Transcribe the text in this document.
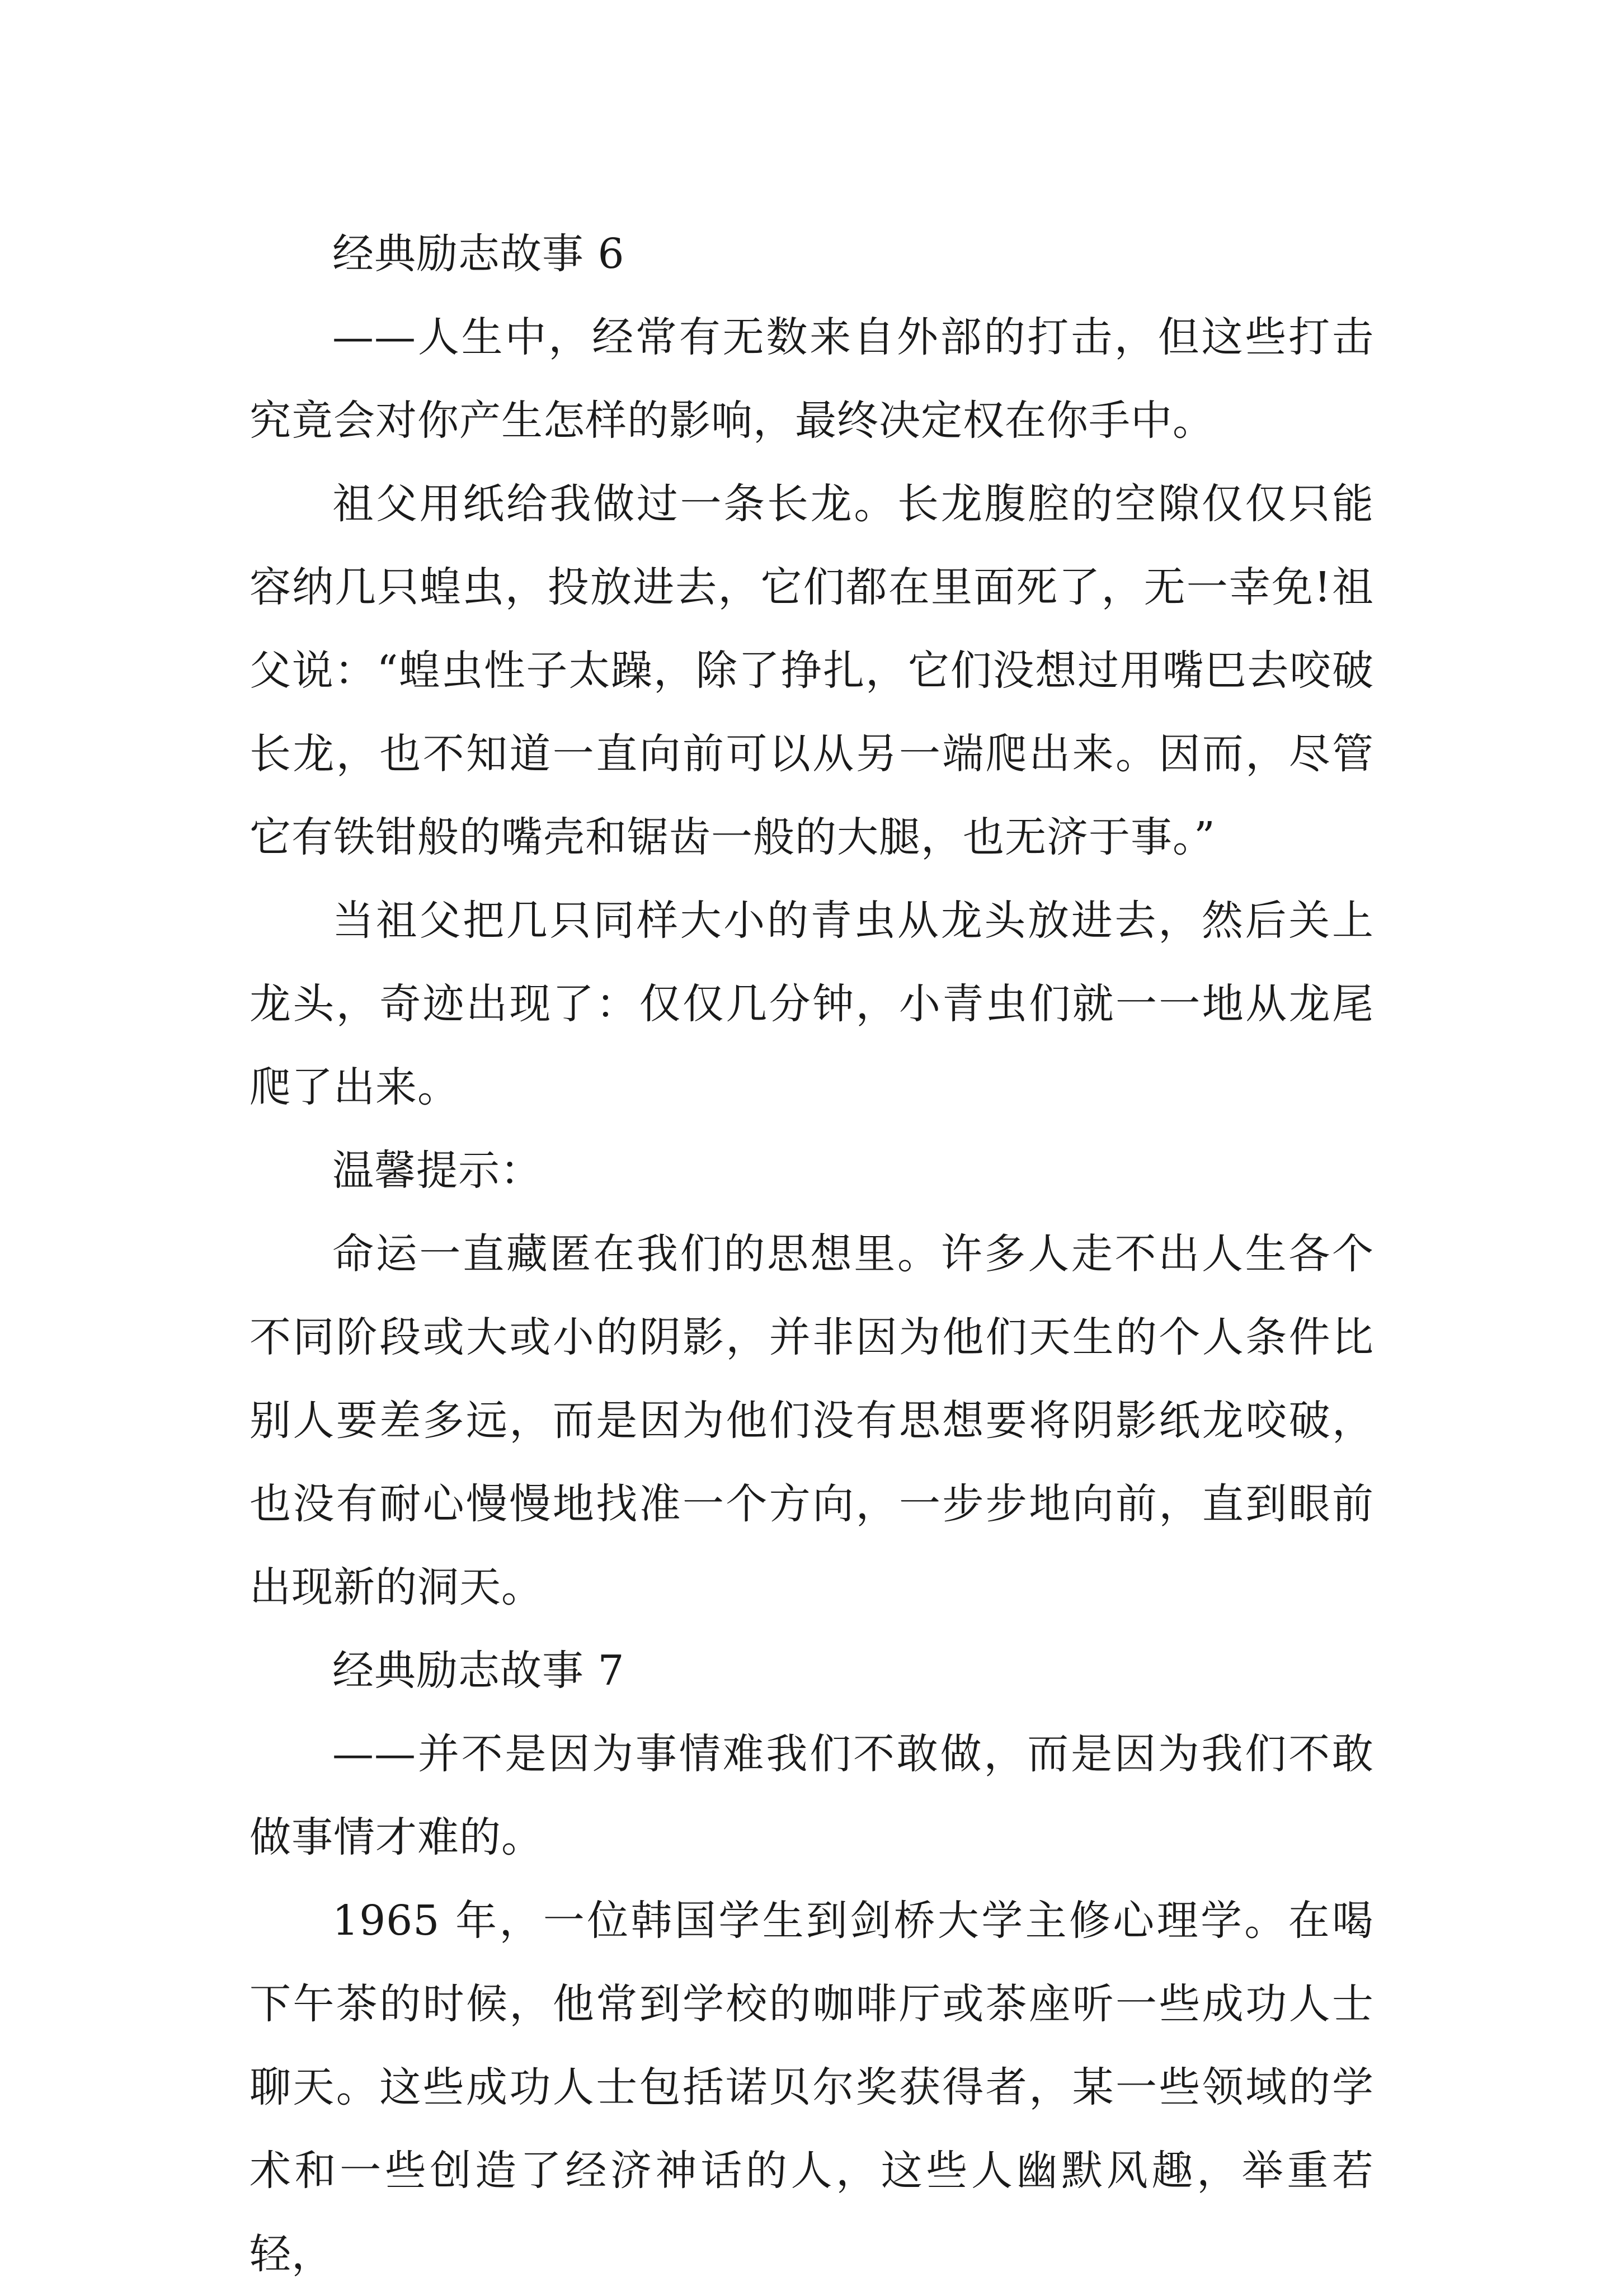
经典励志故事 6

——人生中，经常有无数来自外部的打击，但这些打击究竟会对你产生怎样的影响，最终决定权在你手中。

祖父用纸给我做过一条长龙。长龙腹腔的空隙仅仅只能容纳几只蝗虫，投放进去，它们都在里面死了，无一幸免!祖父说：“蝗虫性子太躁，除了挣扎，它们没想过用嘴巴去咬破长龙，也不知道一直向前可以从另一端爬出来。因而，尽管它有铁钳般的嘴壳和锯齿一般的大腿，也无济于事。”

当祖父把几只同样大小的青虫从龙头放进去，然后关上龙头，奇迹出现了：仅仅几分钟，小青虫们就一一地从龙尾爬了出来。

温馨提示：

命运一直藏匿在我们的思想里。许多人走不出人生各个不同阶段或大或小的阴影，并非因为他们天生的个人条件比别人要差多远，而是因为他们没有思想要将阴影纸龙咬破，也没有耐心慢慢地找准一个方向，一步步地向前，直到眼前出现新的洞天。

经典励志故事 7

——并不是因为事情难我们不敢做，而是因为我们不敢做事情才难的。

1965 年，一位韩国学生到剑桥大学主修心理学。在喝下午茶的时候，他常到学校的咖啡厅或茶座听一些成功人士聊天。这些成功人士包括诺贝尔奖获得者，某一些领域的学术和一些创造了经济神话的人，这些人幽默风趣，举重若轻，
